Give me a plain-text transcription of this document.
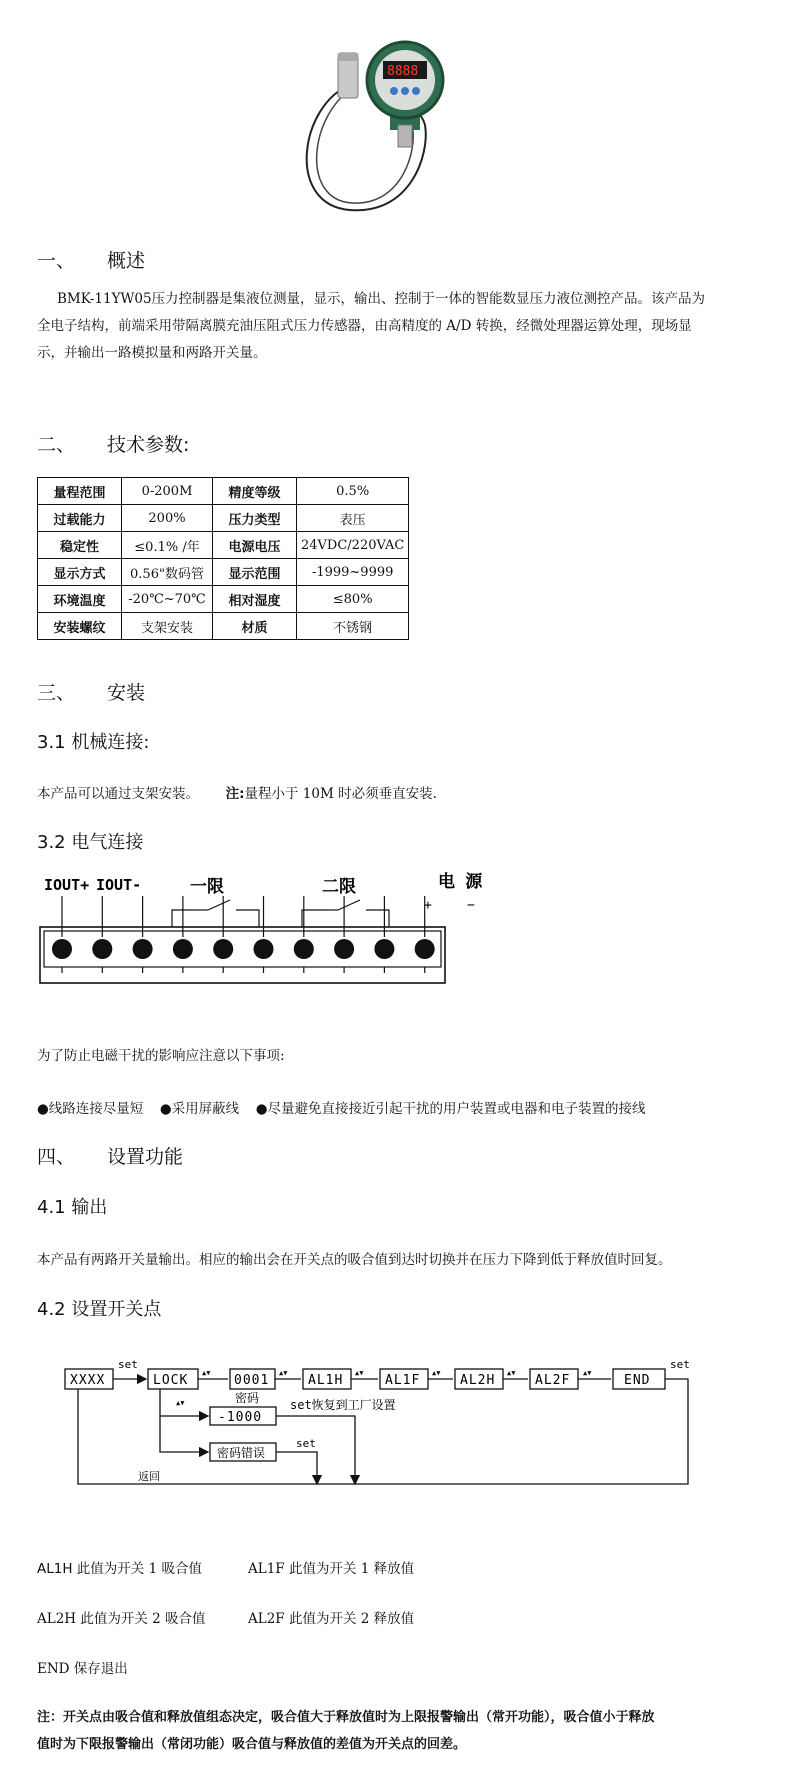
8888
一、 概述
BMK-11YW05压力控制器是集液位测量，显示，输出、控制于一体的智能数显压力液位测控产品。该产品为
全电子结构，前端采用带隔离膜充油压阻式压力传感器，由高精度的 A/D 转换，经微处理器运算处理，现场显
示，并输出一路模拟量和两路开关量。
二、 技术参数:
量程范围	0-200M	精度等级	0.5%
过载能力	200%	压力类型	表压
稳定性	≤0.1% /年	电源电压	24VDC/220VAC
显示方式	0.56"数码管	显示范围	-1999~9999
环境温度	-20℃~70℃	相对湿度	≤80%
安装螺纹	支架安装	材质	不锈钢
三、 安装
3.1 机械连接:
本产品可以通过支架安装。 注:量程小于 10M 时必须垂直安装.
3.2 电气连接
IOUT+ IOUT-	一限	二限	电 源
+	−
为了防止电磁干扰的影响应注意以下事项:
●线路连接尽量短 ●采用屏蔽线 ●尽量避免直接接近引起干扰的用户装置或电器和电子装置的接线
四、 设置功能
4.1 输出
本产品有两路开关量输出。相应的输出会在开关点的吸合值到达时切换并在压力下降到低于释放值时回复。
4.2 设置开关点
▲▼	▲▼	▲▼	▲▼	▲▼	▲▼
▲▼
XXXX
set
LOCK	0001
密码
AL1H	AL1F	AL2H	AL2F	END
set
-1000
set恢复到工厂设置
密码错误
set
返回
AL1H 此值为开关 1 吸合值	AL1F 此值为开关 1 释放值
AL2H 此值为开关 2 吸合值	AL2F 此值为开关 2 释放值
END 保存退出
注：开关点由吸合值和释放值组态决定，吸合值大于释放值时为上限报警输出（常开功能），吸合值小于释放
值时为下限报警输出（常闭功能）吸合值与释放值的差值为开关点的回差。
